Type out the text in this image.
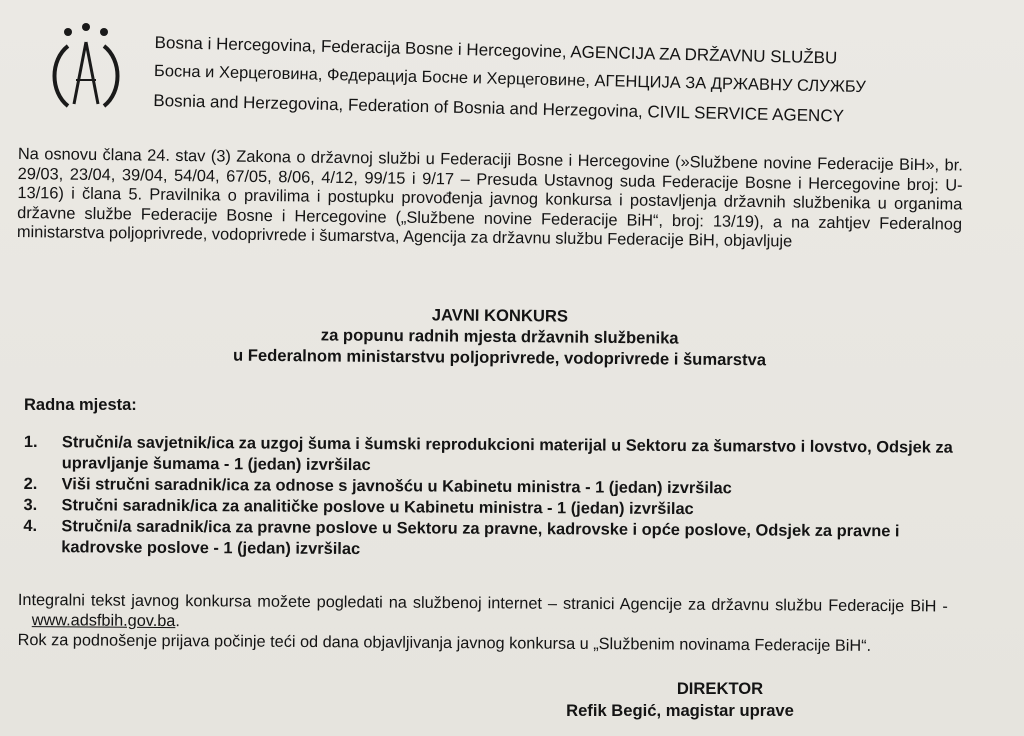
Bosna i Hercegovina, Federacija Bosne i Hercegovine, AGENCIJA ZA DRŽAVNU SLUŽBU
Босна и Херцеговина, Федерација Босне и Херцеговине, АГЕНЦИЈА ЗА ДРЖАВНУ СЛУЖБУ
Bosnia and Herzegovina, Federation of Bosnia and Herzegovina, CIVIL SERVICE AGENCY

Na osnovu člana 24. stav (3) Zakona o državnoj službi u Federaciji Bosne i Hercegovine (»Službene novine Federacije BiH», br. 29/03, 23/04, 39/04, 54/04, 67/05, 8/06, 4/12, 99/15 i 9/17 – Presuda Ustavnog suda Federacije Bosne i Hercegovine broj: U-13/16) i člana 5. Pravilnika o pravilima i postupku provođenja javnog konkursa i postavljenja državnih službenika u organima državne službe Federacije Bosne i Hercegovine („Službene novine Federacije BiH“, broj: 13/19), a na zahtjev Federalnog ministarstva poljoprivrede, vodoprivrede i šumarstva, Agencija za državnu službu Federacije BiH, objavljuje

JAVNI KONKURS
za popunu radnih mjesta državnih službenika
u Federalnom ministarstvu poljoprivrede, vodoprivrede i šumarstva
Radna mjesta:
1.	Stručni/a savjetnik/ica za uzgoj šuma i šumski reprodukcioni materijal u Sektoru za šumarstvo i lovstvo, Odsjek za upravljanje šumama - 1 (jedan) izvršilac
2.	Viši stručni saradnik/ica za odnose s javnošću u Kabinetu ministra - 1 (jedan) izvršilac
3.	Stručni saradnik/ica za analitičke poslove u Kabinetu ministra - 1 (jedan) izvršilac
4.	Stručni/a saradnik/ica za pravne poslove u Sektoru za pravne, kadrovske i opće poslove, Odsjek za pravne i kadrovske poslove - 1 (jedan) izvršilac

Integralni tekst javnog konkursa možete pogledati na službenoj internet – stranici Agencije za državnu službu Federacije BiH -www.adsfbih.gov.ba.

Rok za podnošenje prijava počinje teći od dana objavljivanja javnog konkursa u „Službenim novinama Federacije BiH“.

DIREKTOR
Refik Begić, magistar uprave
